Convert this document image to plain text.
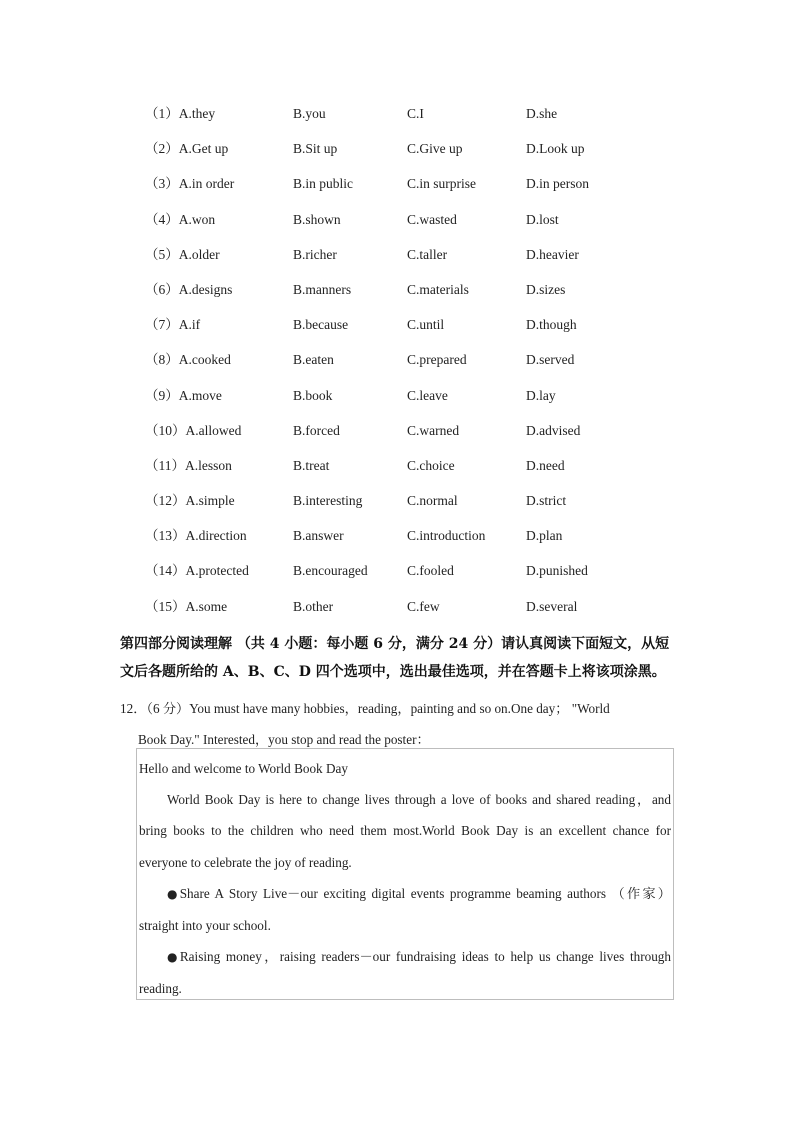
（1）A.they	B.you	C.I	D.she
（2）A.Get up	B.Sit up	C.Give up	D.Look up
（3）A.in order	B.in public	C.in surprise	D.in person
（4）A.won	B.shown	C.wasted	D.lost
（5）A.older	B.richer	C.taller	D.heavier
（6）A.designs	B.manners	C.materials	D.sizes
（7）A.if	B.because	C.until	D.though
（8）A.cooked	B.eaten	C.prepared	D.served
（9）A.move	B.book	C.leave	D.lay
（10）A.allowed	B.forced	C.warned	D.advised
（11）A.lesson	B.treat	C.choice	D.need
（12）A.simple	B.interesting	C.normal	D.strict
（13）A.direction	B.answer	C.introduction	D.plan
（14）A.protected	B.encouraged	C.fooled	D.punished
（15）A.some	B.other	C.few	D.several
第四部分阅读理解 （共 4 小题：每小题 6 分，满分 24 分）请认真阅读下面短文，从短文后各题所给的 A、B、C、D 四个选项中，选出最佳选项，并在答题卡上将该项涂黑。
12．（6 分）You must have many hobbies，reading，painting and so on.One day； "World
Book Day." Interested，you stop and read the poster：

Hello and welcome to World Book Day

World Book Day is here to change lives through a love of books and shared reading，and bring books to the children who need them most.World Book Day is an excellent chance for everyone to celebrate the joy of reading.

●Share A Story Live－our exciting digital events programme beaming authors （作家） straight into your school.

●Raising money，raising readers－our fundraising ideas to help us change lives through reading.
